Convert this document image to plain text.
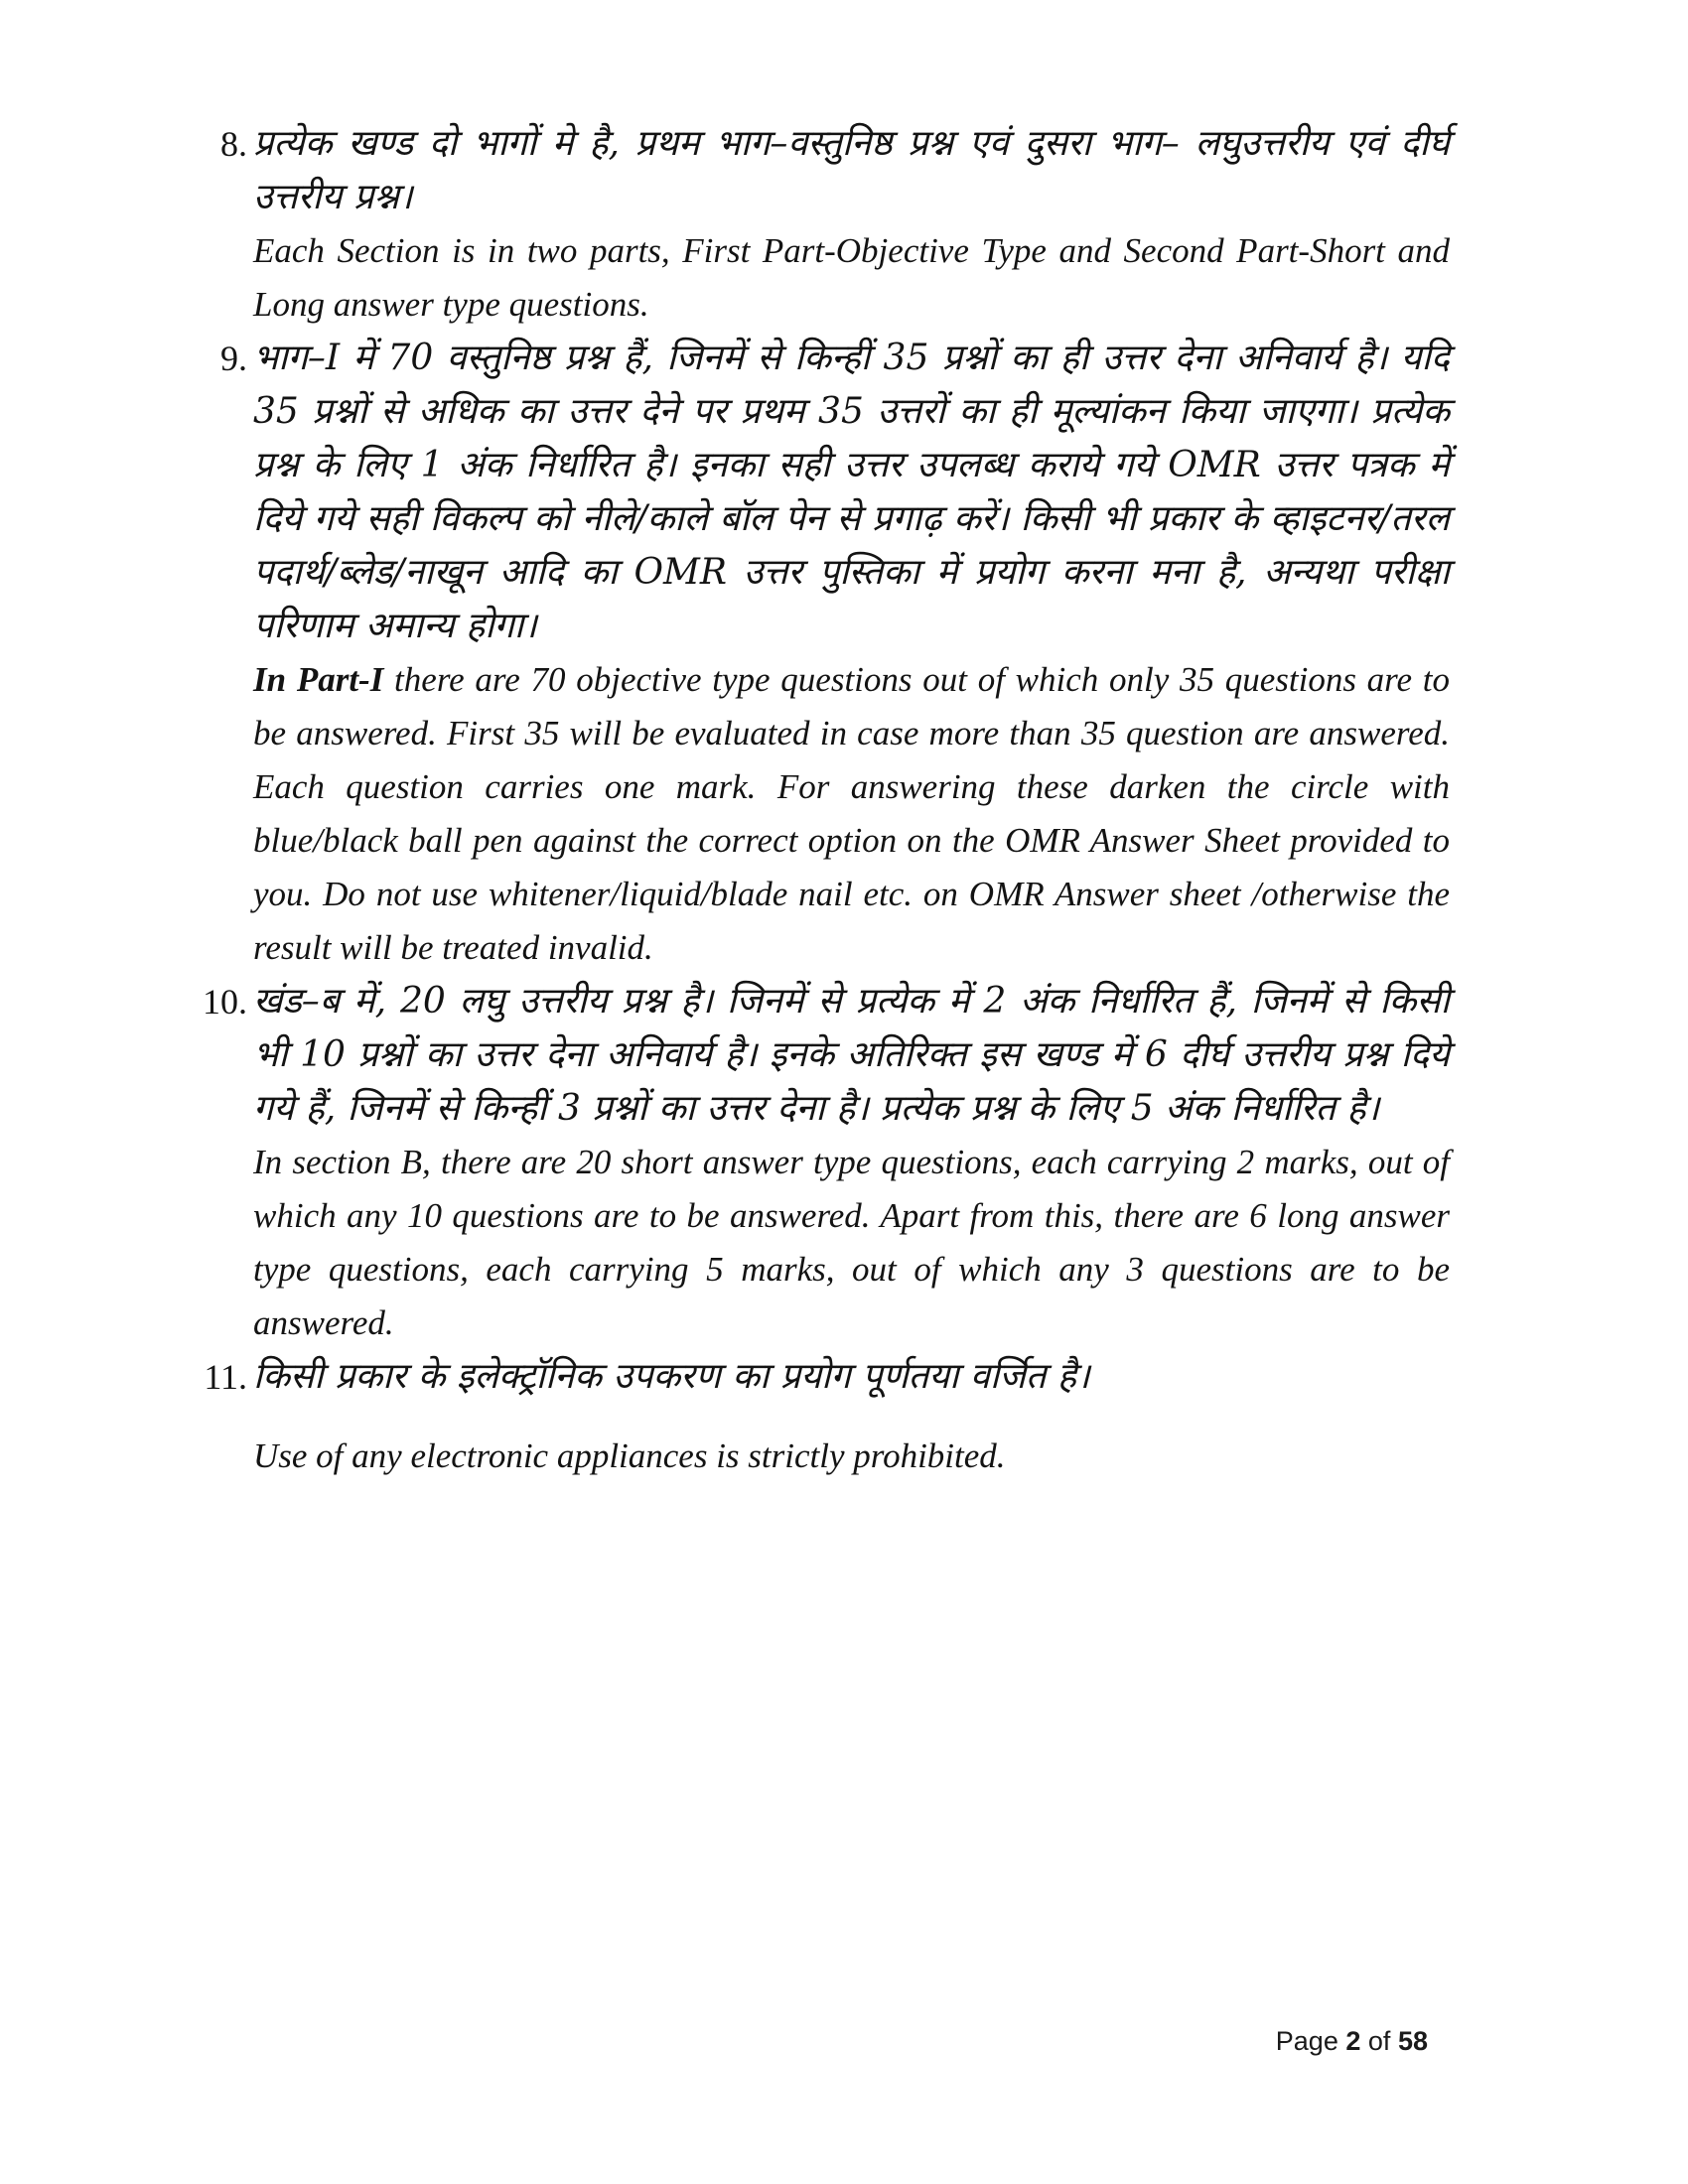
8. प्रत्येक खण्ड दो भागों मे है, प्रथम भाग–वस्तुनिष्ठ प्रश्न एवं दुसरा भाग– लघुउत्तरीय एवं दीर्घ उत्तरीय प्रश्न।

Each Section is in two parts, First Part-Objective Type and Second Part-Short and Long answer type questions.

9. भाग–I में 70 वस्तुनिष्ठ प्रश्न हैं, जिनमें से किन्हीं 35 प्रश्नों का ही उत्तर देना अनिवार्य है। यदि 35 प्रश्नों से अधिक का उत्तर देने पर प्रथम 35 उत्तरों का ही मूल्यांकन किया जाएगा। प्रत्येक प्रश्न के लिए 1 अंक निर्धारित है। इनका सही उत्तर उपलब्ध कराये गये OMR उत्तर पत्रक में दिये गये सही विकल्प को नीले/काले बॉल पेन से प्रगाढ़ करें। किसी भी प्रकार के व्हाइटनर/तरल पदार्थ/ब्लेड/नाखून आदि का OMR उत्तर पुस्तिका में प्रयोग करना मना है, अन्यथा परीक्षा परिणाम अमान्य होगा।

In Part-I there are 70 objective type questions out of which only 35 questions are to be answered. First 35 will be evaluated in case more than 35 question are answered. Each question carries one mark. For answering these darken the circle with blue/black ball pen against the correct option on the OMR Answer Sheet provided to you. Do not use whitener/liquid/blade nail etc. on OMR Answer sheet /otherwise the result will be treated invalid.

10. खंड–ब में, 20 लघु उत्तरीय प्रश्न है। जिनमें से प्रत्येक में 2 अंक निर्धारित हैं, जिनमें से किसी भी 10 प्रश्नों का उत्तर देना अनिवार्य है। इनके अतिरिक्त इस खण्ड में 6 दीर्घ उत्तरीय प्रश्न दिये गये हैं, जिनमें से किन्हीं 3 प्रश्नों का उत्तर देना है। प्रत्येक प्रश्न के लिए 5 अंक निर्धारित है।

In section B, there are 20 short answer type questions, each carrying 2 marks, out of which any 10 questions are to be answered. Apart from this, there are 6 long answer type questions, each carrying 5 marks, out of which any 3 questions are to be answered.

11. किसी प्रकार के इलेक्ट्रॉनिक उपकरण का प्रयोग पूर्णतया वर्जित है।

Use of any electronic appliances is strictly prohibited.

Page 2 of 58
